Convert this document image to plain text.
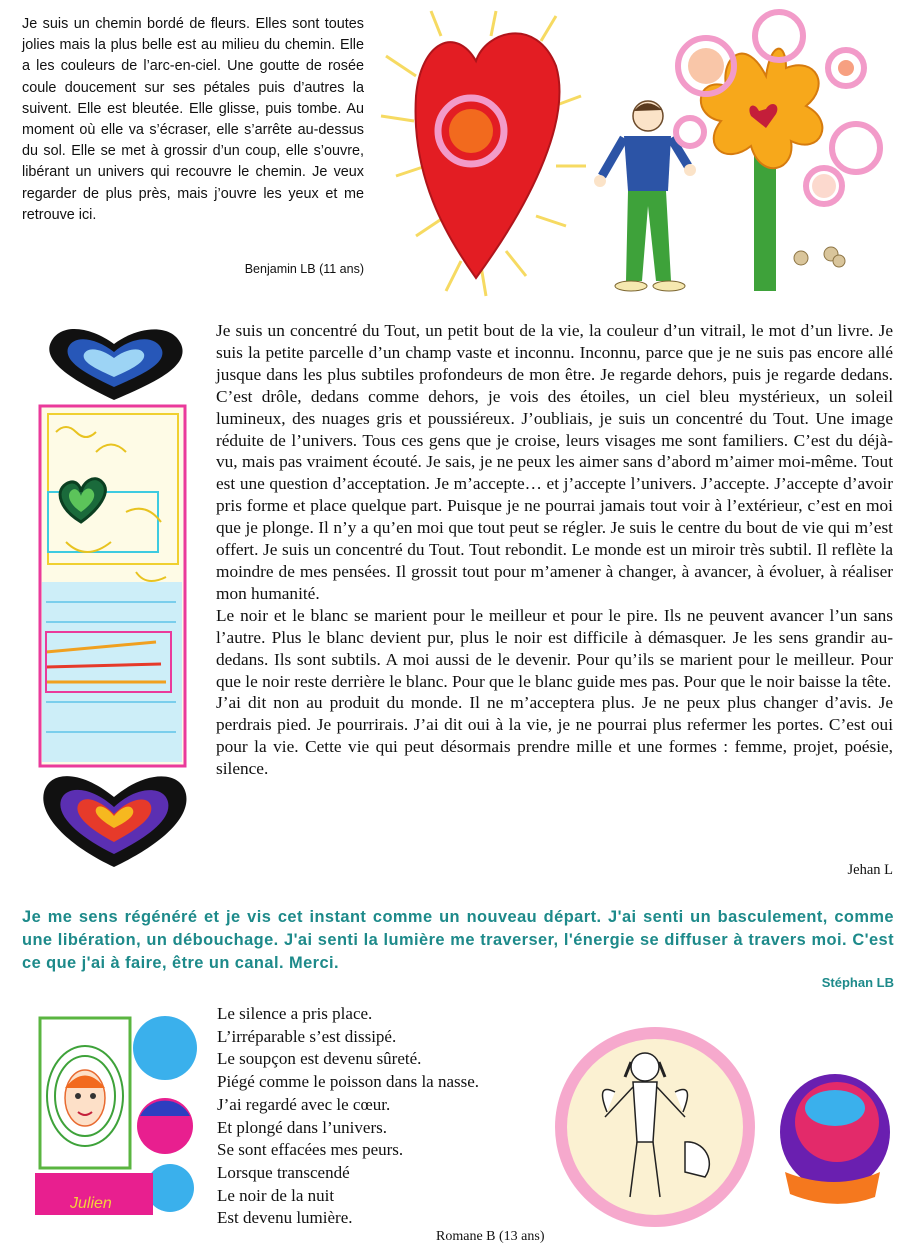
Je suis un chemin bordé de fleurs. Elles sont toutes jolies mais la plus belle est au milieu du chemin. Elle a les couleurs de l’arc-en-ciel. Une goutte de rosée coule doucement sur ses pétales puis d’autres la suivent. Elle est bleutée. Elle glisse, puis tombe. Au moment où elle va s’écraser, elle s’arrête au-dessus du sol. Elle se met à grossir d’un coup, elle s’ouvre, libérant un univers qui recouvre le chemin. Je veux regarder de plus près, mais j’ouvre les yeux et me retrouve ici.

Benjamin LB (11 ans)

Je suis un concentré du Tout, un petit bout de la vie, la couleur d’un vitrail, le mot d’un livre. Je suis la petite parcelle d’un champ vaste et inconnu. Inconnu, parce que je ne suis pas encore allé jusque dans les plus subtiles profondeurs de mon être. Je regarde dehors, puis je regarde dedans. C’est drôle, dedans comme dehors, je vois des étoiles, un ciel bleu mystérieux, un soleil lumineux, des nuages gris et poussiéreux. J’oubliais, je suis un concentré du Tout. Une image réduite de l’univers. Tous ces gens que je croise, leurs visages me sont familiers. C’est du déjà-vu, mais pas vraiment écouté. Je sais, je ne peux les aimer sans d’abord m’aimer moi-même. Tout est une question d’acceptation. Je m’accepte… et j’accepte l’univers. J’accepte. J’accepte d’avoir pris forme et place quelque part. Puisque je ne pourrai jamais tout voir à l’extérieur, c’est en moi que je plonge. Il n’y a qu’en moi que tout peut se régler. Je suis le centre du bout de vie qui m’est offert. Je suis un concentré du Tout. Tout rebondit. Le monde est un miroir très subtil. Il reflète la moindre de mes pensées. Il grossit tout pour m’amener à changer, à avancer, à évoluer, à réaliser mon humanité.

Le noir et le blanc se marient pour le meilleur et pour le pire. Ils ne peuvent avancer l’un sans l’autre. Plus le blanc devient pur, plus le noir est difficile à démasquer. Je les sens grandir au-dedans. Ils sont subtils. A moi aussi de le devenir. Pour qu’ils se marient pour le meilleur. Pour que le noir reste derrière le blanc. Pour que le blanc guide mes pas. Pour que le noir baisse la tête.

J’ai dit non au produit du monde. Il ne m’acceptera plus. Je ne peux plus changer d’avis. Je perdrais pied. Je pourrirais. J’ai dit oui à la vie, je ne pourrai plus refermer les portes. C’est oui pour la vie. Cette vie qui peut désormais prendre mille et une formes : femme, projet, poésie, silence.

Jehan L

Je me sens régénéré et je vis cet instant comme un nouveau départ. J'ai senti un basculement, comme une libération, un débouchage. J'ai senti la lumière me traverser, l'énergie se diffuser à travers moi. C'est ce que j'ai à faire, être un canal. Merci.

Stéphan LB
Julien
Le silence a pris place.
L’irréparable s’est dissipé.
Le soupçon est devenu sûreté.
Piégé comme le poisson dans la nasse.
J’ai regardé avec le cœur.
Et plongé dans l’univers.
Se sont effacées mes peurs.
Lorsque transcendé
Le noir de la nuit
Est devenu lumière.
Romane B (13 ans)
